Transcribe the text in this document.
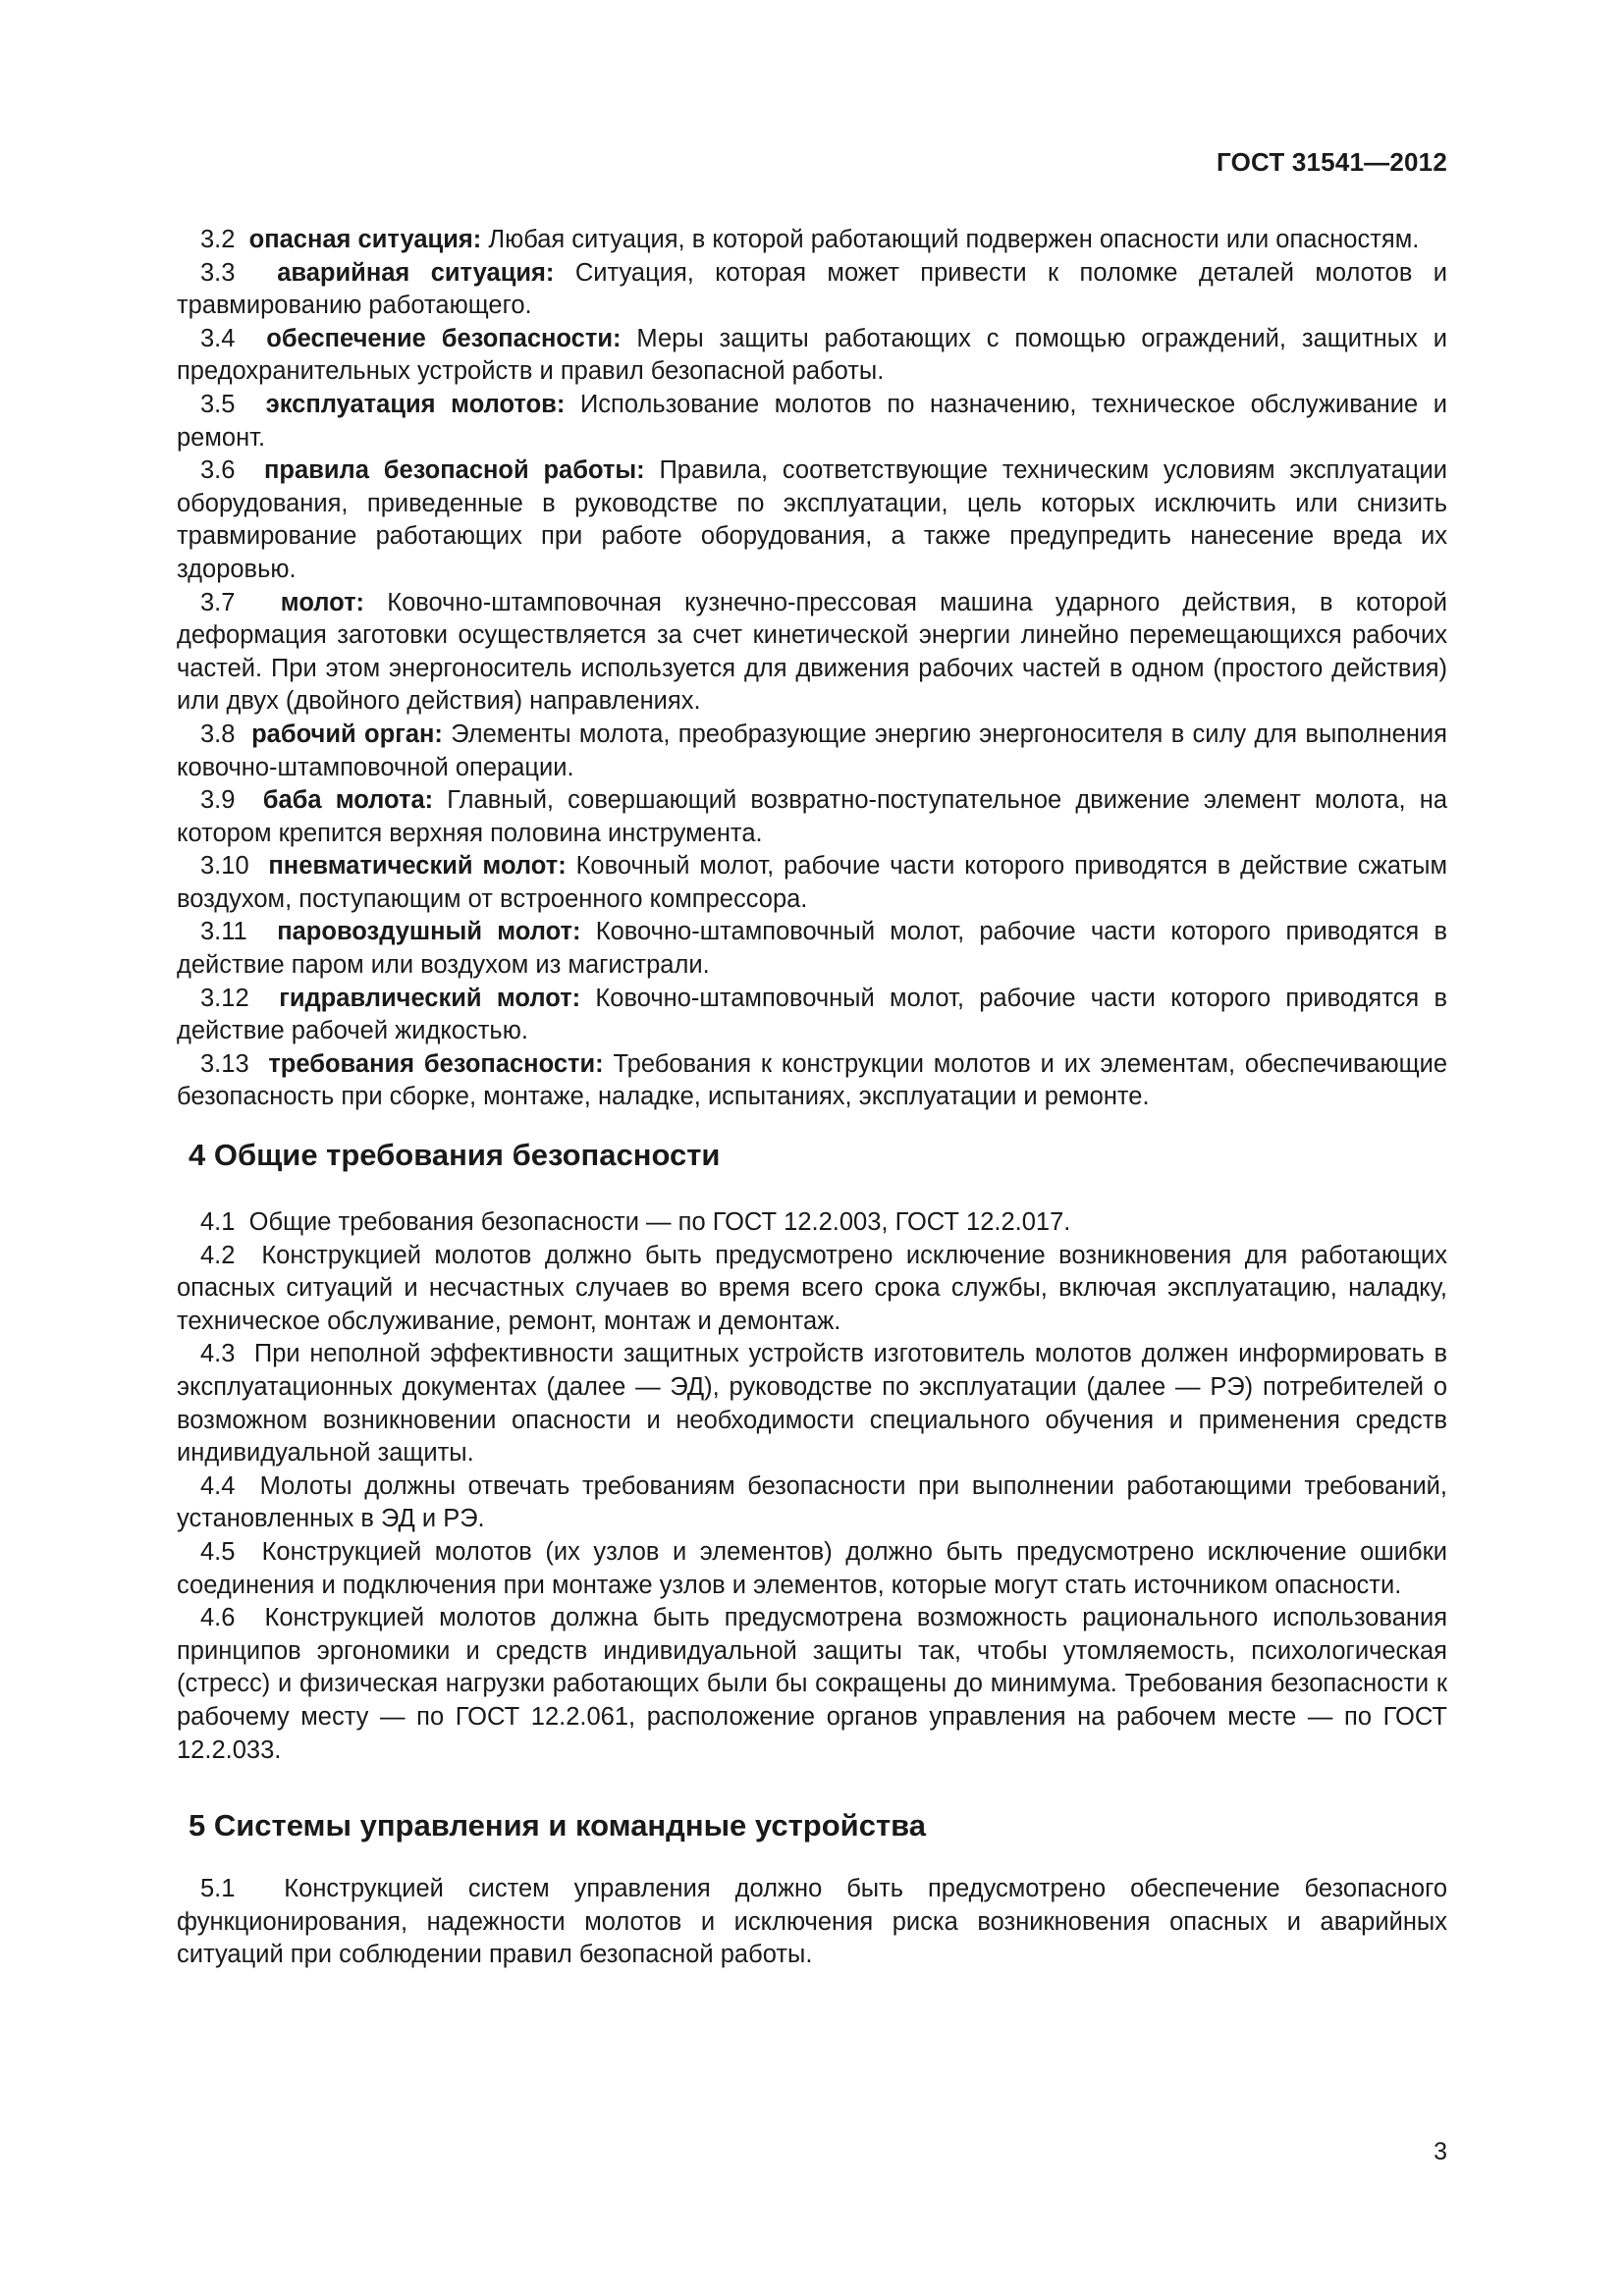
ГОСТ 31541—2012

3.2 опасная ситуация: Любая ситуация, в которой работающий подвержен опасности или опасностям.

3.3 аварийная ситуация: Ситуация, которая может привести к поломке деталей молотов и травмированию работающего.

3.4 обеспечение безопасности: Меры защиты работающих с помощью ограждений, защитных и предохранительных устройств и правил безопасной работы.

3.5 эксплуатация молотов: Использование молотов по назначению, техническое обслуживание и ремонт.

3.6 правила безопасной работы: Правила, соответствующие техническим условиям эксплуатации оборудования, приведенные в руководстве по эксплуатации, цель которых исключить или снизить травмирование работающих при работе оборудования, а также предупредить нанесение вреда их здоровью.

3.7 молот: Ковочно-штамповочная кузнечно-прессовая машина ударного действия, в которой деформация заготовки осуществляется за счет кинетической энергии линейно перемещающихся рабочих частей. При этом энергоноситель используется для движения рабочих частей в одном (простого действия) или двух (двойного действия) направлениях.

3.8 рабочий орган: Элементы молота, преобразующие энергию энергоносителя в силу для выполнения ковочно-штамповочной операции.

3.9 баба молота: Главный, совершающий возвратно-поступательное движение элемент молота, на котором крепится верхняя половина инструмента.

3.10 пневматический молот: Ковочный молот, рабочие части которого приводятся в действие сжатым воздухом, поступающим от встроенного компрессора.

3.11 паровоздушный молот: Ковочно-штамповочный молот, рабочие части которого приводятся в действие паром или воздухом из магистрали.

3.12 гидравлический молот: Ковочно-штамповочный молот, рабочие части которого приводятся в действие рабочей жидкостью.

3.13 требования безопасности: Требования к конструкции молотов и их элементам, обеспечивающие безопасность при сборке, монтаже, наладке, испытаниях, эксплуатации и ремонте.

4 Общие требования безопасности

4.1 Общие требования безопасности — по ГОСТ 12.2.003, ГОСТ 12.2.017.

4.2 Конструкцией молотов должно быть предусмотрено исключение возникновения для работающих опасных ситуаций и несчастных случаев во время всего срока службы, включая эксплуатацию, наладку, техническое обслуживание, ремонт, монтаж и демонтаж.

4.3 При неполной эффективности защитных устройств изготовитель молотов должен информировать в эксплуатационных документах (далее — ЭД), руководстве по эксплуатации (далее — РЭ) потребителей о возможном возникновении опасности и необходимости специального обучения и применения средств индивидуальной защиты.

4.4 Молоты должны отвечать требованиям безопасности при выполнении работающими требований, установленных в ЭД и РЭ.

4.5 Конструкцией молотов (их узлов и элементов) должно быть предусмотрено исключение ошибки соединения и подключения при монтаже узлов и элементов, которые могут стать источником опасности.

4.6 Конструкцией молотов должна быть предусмотрена возможность рационального использования принципов эргономики и средств индивидуальной защиты так, чтобы утомляемость, психологическая (стресс) и физическая нагрузки работающих были бы сокращены до минимума. Требования безопасности к рабочему месту — по ГОСТ 12.2.061, расположение органов управления на рабочем месте — по ГОСТ 12.2.033.

5 Системы управления и командные устройства

5.1 Конструкцией систем управления должно быть предусмотрено обеспечение безопасного функционирования, надежности молотов и исключения риска возникновения опасных и аварийных ситуаций при соблюдении правил безопасной работы.

3
